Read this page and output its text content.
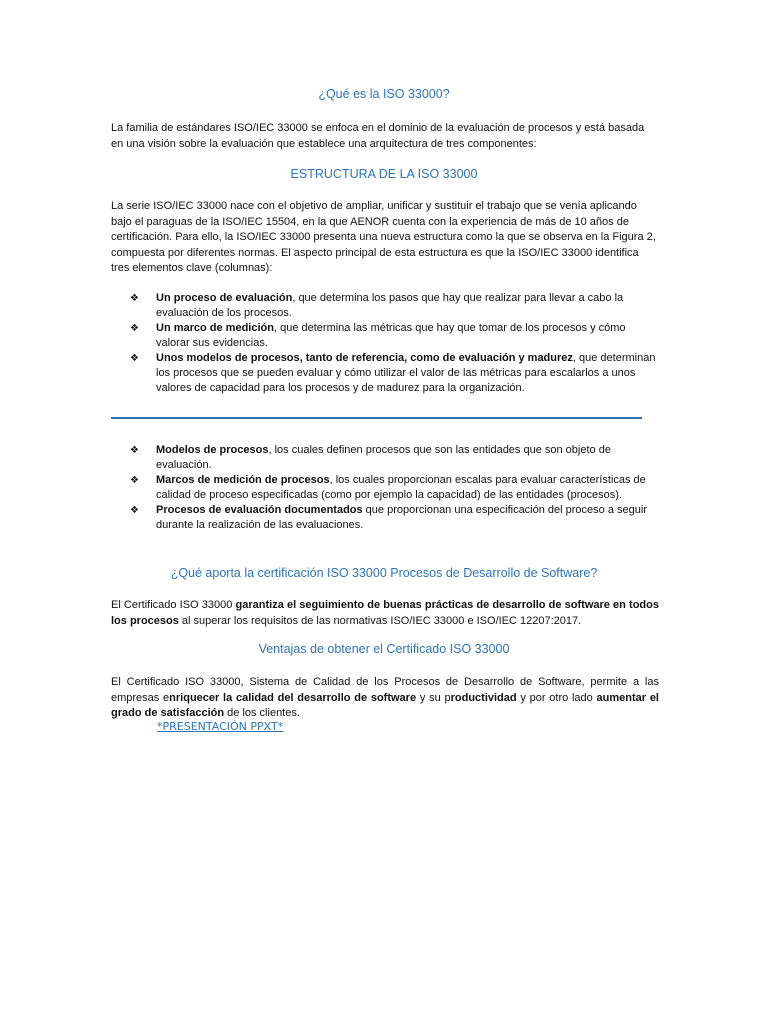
¿Qué es la ISO 33000?

La familia de estándares ISO/IEC 33000 se enfoca en el dominio de la evaluación de procesos y está basada en una visión sobre la evaluación que establece una arquitectura de tres componentes:

ESTRUCTURA DE LA ISO 33000

La serie ISO/IEC 33000 nace con el objetivo de ampliar, unificar y sustituir el trabajo que se venía aplicando bajo el paraguas de la ISO/IEC 15504, en la que AENOR cuenta con la experiencia de más de 10 años de certificación. Para ello, la ISO/IEC 33000 presenta una nueva estructura como la que se observa en la Figura 2, compuesta por diferentes normas. El aspecto principal de esta estructura es que la ISO/IEC 33000 identifica tres elementos clave (columnas):

❖ Un proceso de evaluación, que determina los pasos que hay que realizar para llevar a cabo la evaluación de los procesos.
❖ Un marco de medición, que determina las métricas que hay que tomar de los procesos y cómo valorar sus evidencias.
❖ Unos modelos de procesos, tanto de referencia, como de evaluación y madurez, que determinan los procesos que se pueden evaluar y cómo utilizar el valor de las métricas para escalarlos a unos valores de capacidad para los procesos y de madurez para la organización.
❖ Modelos de procesos, los cuales definen procesos que son las entidades que son objeto de evaluación.
❖ Marcos de medición de procesos, los cuales proporcionan escalas para evaluar características de calidad de proceso especificadas (como por ejemplo la capacidad) de las entidades (procesos).
❖ Procesos de evaluación documentados que proporcionan una especificación del proceso a seguir durante la realización de las evaluaciones.
¿Qué aporta la certificación ISO 33000 Procesos de Desarrollo de Software?

El Certificado ISO 33000 garantiza el seguimiento de buenas prácticas de desarrollo de software en todos los procesos al superar los requisitos de las normativas ISO/IEC 33000 e ISO/IEC 12207:2017.

Ventajas de obtener el Certificado ISO 33000

El Certificado ISO 33000, Sistema de Calidad de los Procesos de Desarrollo de Software, permite a las empresas enriquecer la calidad del desarrollo de software y su productividad y por otro lado aumentar el grado de satisfacción de los clientes.

*PRESENTACIÓN PPXT*
